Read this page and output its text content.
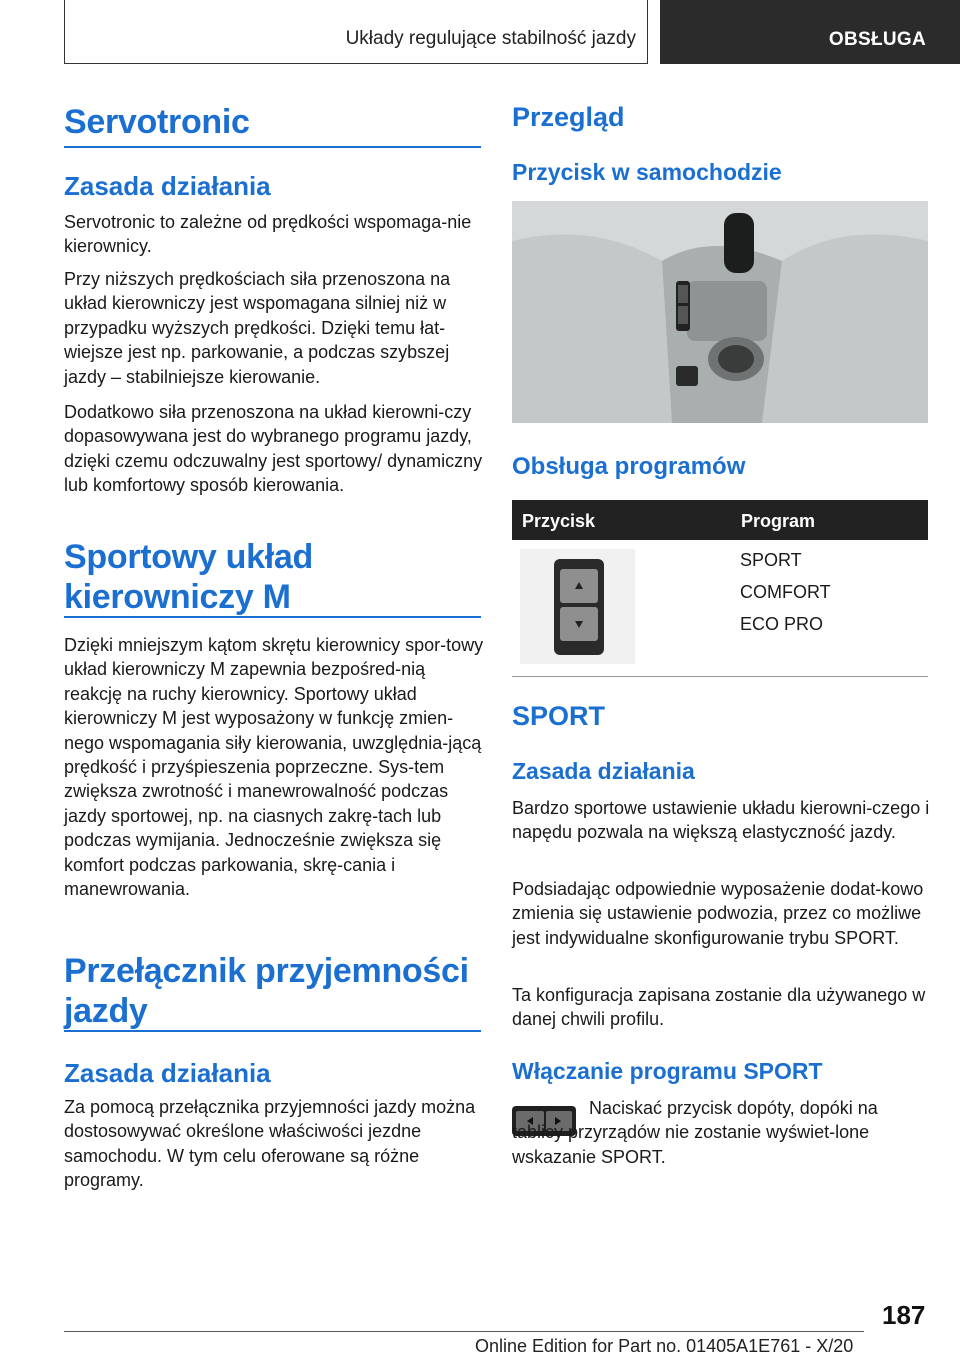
Układy regulujące stabilność jazdy	OBSŁUGA
Servotronic
Zasada działania

Servotronic to zależne od prędkości wspomaga-nie kierownicy.

Przy niższych prędkościach siła przenoszona na układ kierowniczy jest wspomagana silniej niż w przypadku wyższych prędkości. Dzięki temu łat-wiejsze jest np. parkowanie, a podczas szybszej jazdy – stabilniejsze kierowanie.

Dodatkowo siła przenoszona na układ kierowni-czy dopasowywana jest do wybranego programu jazdy, dzięki czemu odczuwalny jest sportowy/ dynamiczny lub komfortowy sposób kierowania.

Sportowy układ
kierowniczy M

Dzięki mniejszym kątom skrętu kierownicy spor-towy układ kierowniczy M zapewnia bezpośred-nią reakcję na ruchy kierownicy. Sportowy układ kierowniczy M jest wyposażony w funkcję zmien-nego wspomagania siły kierowania, uwzględnia-jącą prędkość i przyśpieszenia poprzeczne. Sys-tem zwiększa zwrotność i manewrowalność podczas jazdy sportowej, np. na ciasnych zakrę-tach lub podczas wymijania. Jednocześnie zwiększa się komfort podczas parkowania, skrę-cania i manewrowania.

Przełącznik przyjemności
jazdy
Zasada działania

Za pomocą przełącznika przyjemności jazdy można dostosowywać określone właściwości jezdne samochodu. W tym celu oferowane są różne programy.

Przegląd
Przycisk w samochodzie
Obsługa programów
Przycisk	Program
SPORT
COMFORT
ECO PRO
SPORT
Zasada działania

Bardzo sportowe ustawienie układu kierowni-czego i napędu pozwala na większą elastyczność jazdy.

Podsiadając odpowiednie wyposażenie dodat-kowo zmienia się ustawienie podwozia, przez co możliwe jest indywidualne skonfigurowanie trybu SPORT.

Ta konfiguracja zapisana zostanie dla używanego w danej chwili profilu.

Włączanie programu SPORT

Naciskać przycisk dopóty, dopóki na tablicy przyrządów nie zostanie wyświet-lone wskazanie SPORT.

187
Online Edition for Part no. 01405A1E761 - X/20
